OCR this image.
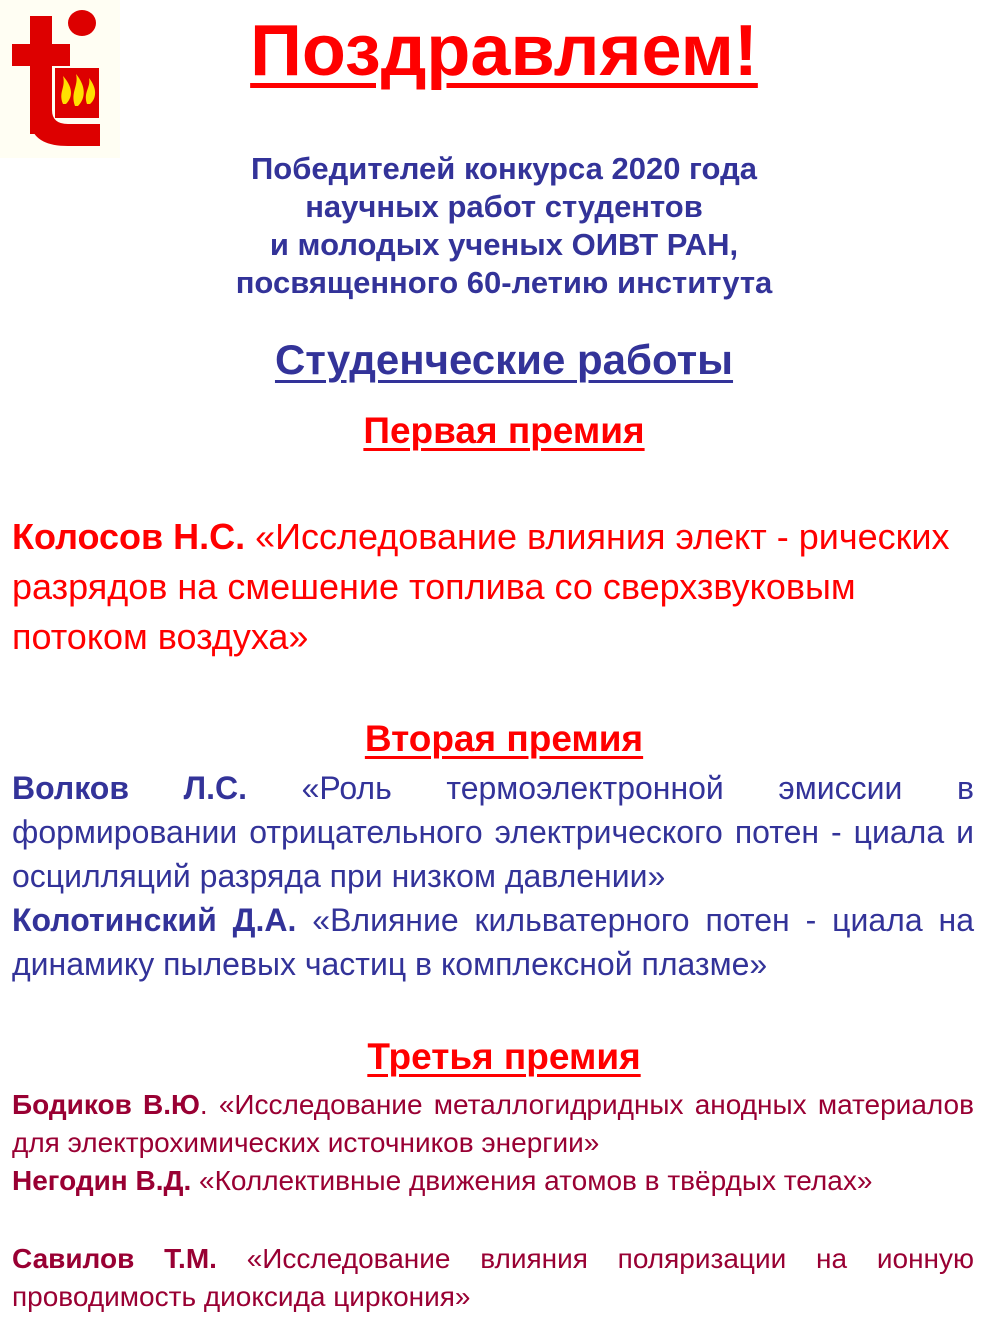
Поздравляем!
Победителей конкурса 2020 года
научных работ студентов
и молодых ученых ОИВТ РАН,
посвященного 60-летию института
Студенческие работы
Первая премия
Колосов Н.С. «Исследование влияния элект - рических разрядов на смешение топлива со сверхзвуковым потоком воздуха»
Вторая премия
Волков Л.С. «Роль термоэлектронной эмиссии в формировании отрицательного электрического потен - циала и осцилляций разряда при низком давлении»
Колотинский Д.А. «Влияние кильватерного потен - циала на динамику пылевых частиц в комплексной плазме»
Третья премия
Бодиков В.Ю. «Исследование металлогидридных анодных материалов для электрохимических источников энергии»
Негодин В.Д. «Коллективные движения атомов в твёрдых телах»
Савилов Т.М. «Исследование влияния поляризации на ионную проводимость диоксида циркония»
